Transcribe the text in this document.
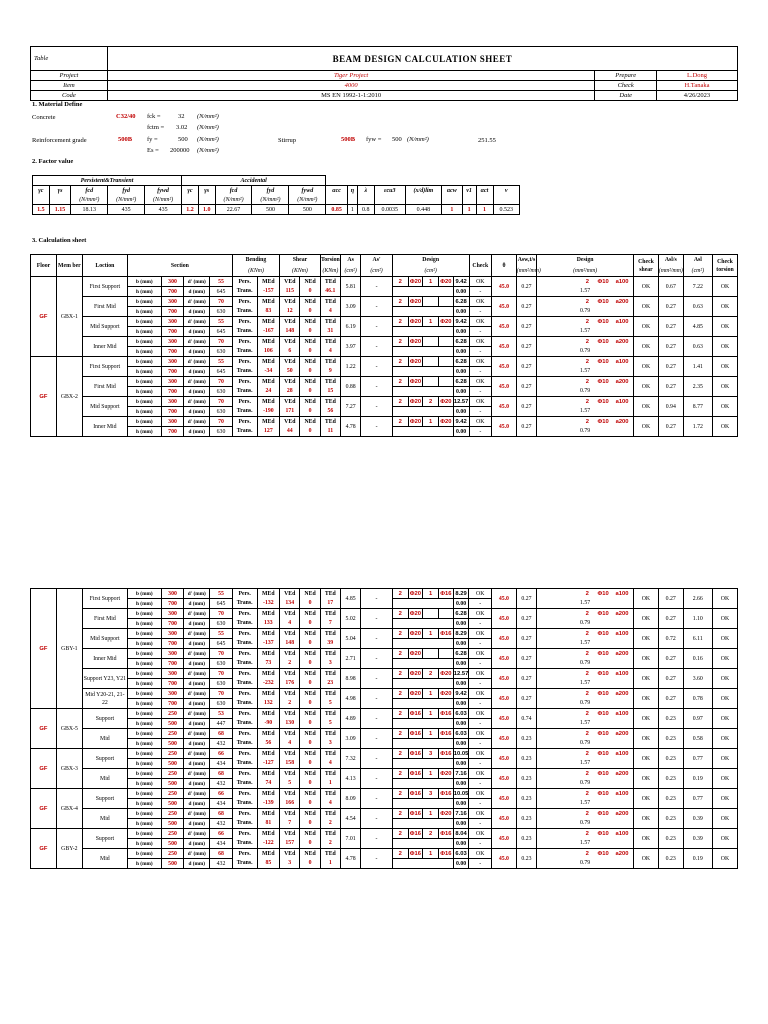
Table	BEAM DESIGN CALCULATION SHEET		
Project	Tiger Project	Prepare	L.Dong
Item	4000	Check	H.Tanaka
Code	MS EN 1992-1-1:2010	Date	4/26/2023
1. Material Define
Concrete	C32/40 fck =	32 (N/mm²)
fctm = 3.02 (N/mm²)
Reinforcement grade	500B fy =	500 (N/mm²)
Es = 200000 (N/mm²)
Stirrup	500B fyw = 500 (N/mm²)	251.55
2. Factor value
Persistent&Transient					Accidental													
γc	γs	fcd	fyd	fywd	γc	γs	fcd	fyd	fywd	αcc	η	λ	εcu3	(x/d)lim	αcw	ν1	αct	ν
		(N/mm²)	(N/mm²)	(N/mm²)			(N/mm²)	(N/mm²)	(N/mm²)									
1.5	1.15	18.13	435	435	1.2	1.0	22.67	500	500	0.85	1	0.8	0.0035	0.448	1	1	1	0.523
3. Calculation sheet
Floor	Mem ber	Loction	Section				Bending		Shear		Torsion	As	As'	Design					Check	θ	Asw,t/s	Design				Check shear	Asl/s	Asl	Check torsion
							(KNm)		(KNm)		(KNm)	(cm²)	(cm²)	(cm²)							(mm²/mm)	(mm²/mm)					(mm²/mm)	(cm²)	
GF	GBX-1	First Support	b (mm)	300	d' (mm)	55	Pers.	MEd	VEd	NEd	TEd	5.81	-	2	Φ20	1	Φ20	9.42	OK	45.0	0.27		2	Φ10	a100	OK	0.67	7.22	OK
			h (mm)	700	d (mm)	645	Trans.	-157	115	0	46.1							0.00	-			1.57							
		First Mid	b (mm)	300	d' (mm)	70	Pers.	MEd	VEd	NEd	TEd	3.09	-	2	Φ20			6.28	OK	45.0	0.27		2	Φ10	a200	OK	0.27	0.63	OK
			h (mm)	700	d (mm)	630	Trans.	83	12	0	4							0.00	-			0.79							
		Mid Support	b (mm)	300	d' (mm)	55	Pers.	MEd	VEd	NEd	TEd	6.19	-	2	Φ20	1	Φ20	9.42	OK	45.0	0.27		2	Φ10	a100	OK	0.27	4.85	OK
			h (mm)	700	d (mm)	645	Trans.	-167	148	0	31							0.00	-			1.57							
		Inner Mid	b (mm)	300	d' (mm)	70	Pers.	MEd	VEd	NEd	TEd	3.97	-	2	Φ20			6.28	OK	45.0	0.27		2	Φ10	a200	OK	0.27	0.63	OK
			h (mm)	700	d (mm)	630	Trans.	106	6	0	4							0.00	-			0.79							
GF	GBX-2	First Support	b (mm)	300	d' (mm)	55	Pers.	MEd	VEd	NEd	TEd	1.22	-	2	Φ20			6.28	OK	45.0	0.27		2	Φ10	a100	OK	0.27	1.41	OK
			h (mm)	700	d (mm)	645	Trans.	-34	50	0	9							0.00	-			1.57							
		First Mid	b (mm)	300	d' (mm)	70	Pers.	MEd	VEd	NEd	TEd	0.88	-	2	Φ20			6.28	OK	45.0	0.27		2	Φ10	a200	OK	0.27	2.35	OK
			h (mm)	700	d (mm)	630	Trans.	24	28	0	15							0.00	-			0.79							
		Mid Support	b (mm)	300	d' (mm)	70	Pers.	MEd	VEd	NEd	TEd	7.27	-	2	Φ20	2	Φ20	12.57	OK	45.0	0.27		2	Φ10	a100	OK	0.94	8.77	OK
			h (mm)	700	d (mm)	630	Trans.	-190	171	0	56							0.00	-			1.57							
		Inner Mid	b (mm)	300	d' (mm)	70	Pers.	MEd	VEd	NEd	TEd	4.78	-	2	Φ20	1	Φ20	9.42	OK	45.0	0.27		2	Φ10	a200	OK	0.27	1.72	OK
			h (mm)	700	d (mm)	630	Trans.	127	44	0	11							0.00	-			0.79							
GF	GBY-1	First Support	b (mm)	300	d' (mm)	55	Pers.	MEd	VEd	NEd	TEd	4.85	-	2	Φ20	1	Φ16	8.29	OK	45.0	0.27		2	Φ10	a100	OK	0.27	2.66	OK
			h (mm)	700	d (mm)	645	Trans.	-132	134	0	17							0.00	-			1.57							
		First Mid	b (mm)	300	d' (mm)	70	Pers.	MEd	VEd	NEd	TEd	5.02	-	2	Φ20			6.28	OK	45.0	0.27		2	Φ10	a200	OK	0.27	1.10	OK
			h (mm)	700	d (mm)	630	Trans.	133	4	0	7							0.00	-			0.79							
		Mid Support	b (mm)	300	d' (mm)	55	Pers.	MEd	VEd	NEd	TEd	5.04	-	2	Φ20	1	Φ16	8.29	OK	45.0	0.27		2	Φ10	a100	OK	0.72	6.11	OK
			h (mm)	700	d (mm)	645	Trans.	-137	148	0	39							0.00	-			1.57							
		Inner Mid	b (mm)	300	d' (mm)	70	Pers.	MEd	VEd	NEd	TEd	2.71	-	2	Φ20			6.28	OK	45.0	0.27		2	Φ10	a200	OK	0.27	0.16	OK
			h (mm)	700	d (mm)	630	Trans.	73	2	0	3							0.00	-			0.79							
		Support Y23, Y21	b (mm)	300	d' (mm)	70	Pers.	MEd	VEd	NEd	TEd	8.98	-	2	Φ20	2	Φ20	12.57	OK	45.0	0.27		2	Φ10	a100	OK	0.27	3.60	OK
			h (mm)	700	d (mm)	630	Trans.	-232	176	0	23							0.00	-			1.57							
		Mid Y20-21, 21-22	b (mm)	300	d' (mm)	70	Pers.	MEd	VEd	NEd	TEd	4.98	-	2	Φ20	1	Φ20	9.42	OK	45.0	0.27		2	Φ10	a200	OK	0.27	0.78	OK
			h (mm)	700	d (mm)	630	Trans.	132	2	0	5							0.00	-			0.79							
GF	GBX-5	Support	b (mm)	250	d' (mm)	53	Pers.	MEd	VEd	NEd	TEd	4.89	-	2	Φ16	1	Φ16	6.03	OK	45.0	0.74		2	Φ10	a100	OK	0.23	0.97	OK
			h (mm)	500	d (mm)	447	Trans.	-90	130	0	5							0.00	-			1.57							
		Mid	b (mm)	250	d' (mm)	68	Pers.	MEd	VEd	NEd	TEd	3.09	-	2	Φ16	1	Φ16	6.03	OK	45.0	0.23		2	Φ10	a200	OK	0.23	0.58	OK
			h (mm)	500	d (mm)	432	Trans.	56	4	0	3							0.00	-			0.79							
GF	GBX-3	Support	b (mm)	250	d' (mm)	66	Pers.	MEd	VEd	NEd	TEd	7.32	-	2	Φ16	3	Φ16	10.05	OK	45.0	0.23		2	Φ10	a100	OK	0.23	0.77	OK
			h (mm)	500	d (mm)	434	Trans.	-127	158	0	4							0.00	-			1.57							
		Mid	b (mm)	250	d' (mm)	68	Pers.	MEd	VEd	NEd	TEd	4.13	-	2	Φ16	1	Φ20	7.16	OK	45.0	0.23		2	Φ10	a200	OK	0.23	0.19	OK
			h (mm)	500	d (mm)	432	Trans.	74	5	0	1							0.00	-			0.79							
GF	GBX-4	Support	b (mm)	250	d' (mm)	66	Pers.	MEd	VEd	NEd	TEd	8.09	-	2	Φ16	3	Φ16	10.05	OK	45.0	0.23		2	Φ10	a100	OK	0.23	0.77	OK
			h (mm)	500	d (mm)	434	Trans.	-139	166	0	4							0.00	-			1.57							
		Mid	b (mm)	250	d' (mm)	68	Pers.	MEd	VEd	NEd	TEd	4.54	-	2	Φ16	1	Φ20	7.16	OK	45.0	0.23		2	Φ10	a200	OK	0.23	0.39	OK
			h (mm)	500	d (mm)	432	Trans.	81	7	0	2							0.00	-			0.79							
GF	GBY-2	Support	b (mm)	250	d' (mm)	66	Pers.	MEd	VEd	NEd	TEd	7.01	-	2	Φ16	2	Φ16	8.04	OK	45.0	0.23		2	Φ10	a100	OK	0.23	0.39	OK
			h (mm)	500	d (mm)	434	Trans.	-122	157	0	2							0.00	-			1.57							
		Mid	b (mm)	250	d' (mm)	68	Pers.	MEd	VEd	NEd	TEd	4.78	-	2	Φ16	1	Φ16	6.03	OK	45.0	0.23		2	Φ10	a200	OK	0.23	0.19	OK
			h (mm)	500	d (mm)	432	Trans.	85	3	0	1							0.00	-			0.79							
